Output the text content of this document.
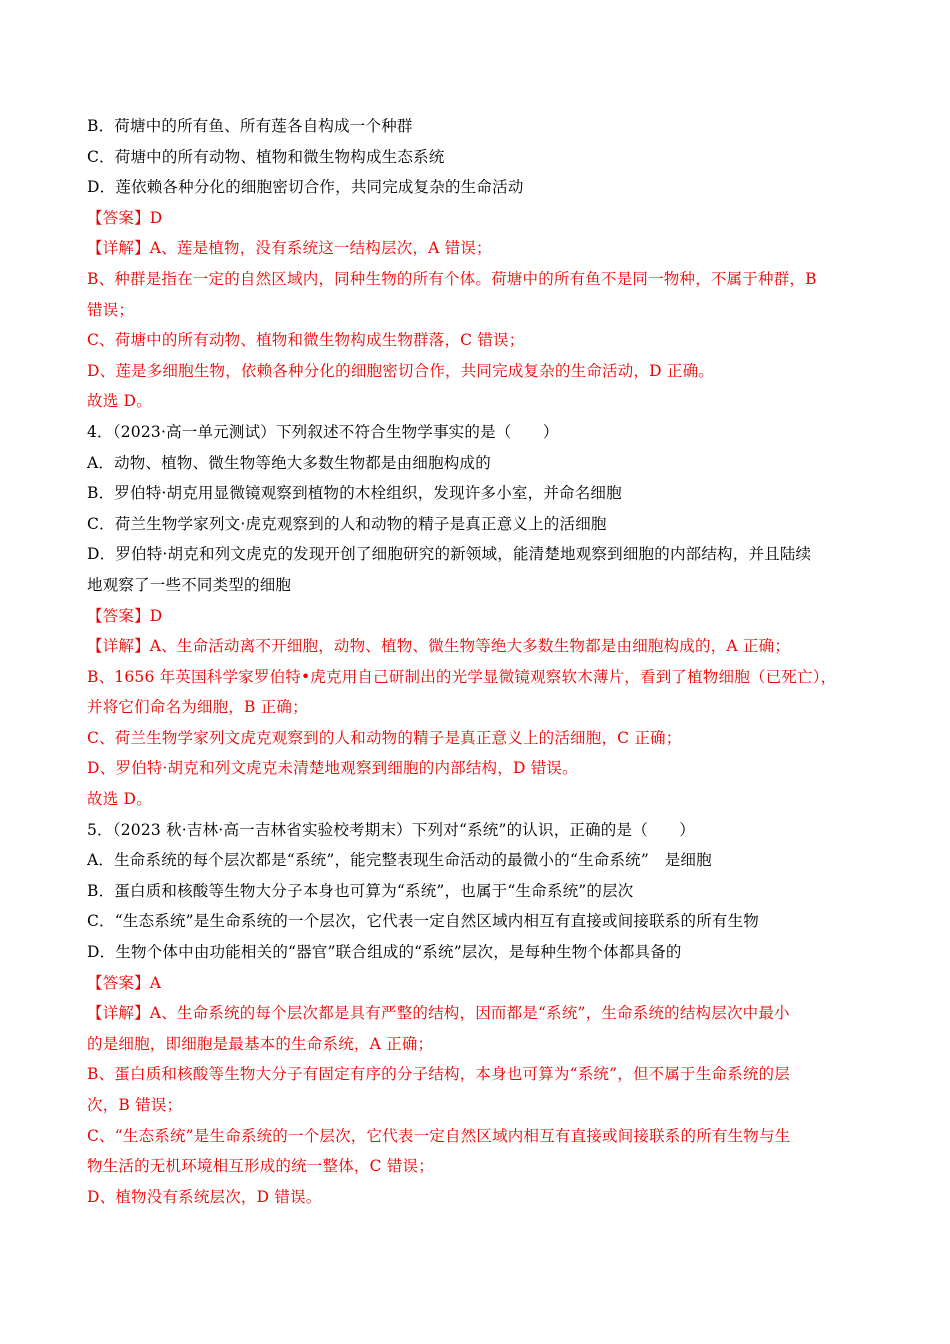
B．荷塘中的所有鱼、所有莲各自构成一个种群
C．荷塘中的所有动物、植物和微生物构成生态系统
D．莲依赖各种分化的细胞密切合作，共同完成复杂的生命活动
【答案】D
【详解】A、莲是植物，没有系统这一结构层次，A 错误；
B、种群是指在一定的自然区域内，同种生物的所有个体。荷塘中的所有鱼不是同一物种，不属于种群，B
错误；
C、荷塘中的所有动物、植物和微生物构成生物群落，C 错误；
D、莲是多细胞生物，依赖各种分化的细胞密切合作，共同完成复杂的生命活动，D 正确。
故选 D。
4．（2023·高一单元测试）下列叙述不符合生物学事实的是（　　）
A．动物、植物、微生物等绝大多数生物都是由细胞构成的
B．罗伯特·胡克用显微镜观察到植物的木栓组织，发现许多小室，并命名细胞
C．荷兰生物学家列文·虎克观察到的人和动物的精子是真正意义上的活细胞
D．罗伯特·胡克和列文虎克的发现开创了细胞研究的新领域，能清楚地观察到细胞的内部结构，并且陆续
地观察了一些不同类型的细胞
【答案】D
【详解】A、生命活动离不开细胞，动物、植物、微生物等绝大多数生物都是由细胞构成的，A 正确；
B、1656 年英国科学家罗伯特•虎克用自己研制出的光学显微镜观察软木薄片，看到了植物细胞（已死亡），
并将它们命名为细胞，B 正确；
C、荷兰生物学家列文虎克观察到的人和动物的精子是真正意义上的活细胞，C 正确；
D、罗伯特·胡克和列文虎克未清楚地观察到细胞的内部结构，D 错误。
故选 D。
5．（2023 秋·吉林·高一吉林省实验校考期末）下列对“系统”的认识，正确的是（　　）
A．生命系统的每个层次都是“系统”，能完整表现生命活动的最微小的“生命系统”　是细胞
B．蛋白质和核酸等生物大分子本身也可算为“系统”，也属于“生命系统”的层次
C．“生态系统”是生命系统的一个层次，它代表一定自然区域内相互有直接或间接联系的所有生物
D．生物个体中由功能相关的“器官”联合组成的“系统”层次，是每种生物个体都具备的
【答案】A
【详解】A、生命系统的每个层次都是具有严整的结构，因而都是“系统”，生命系统的结构层次中最小
的是细胞，即细胞是最基本的生命系统，A 正确；
B、蛋白质和核酸等生物大分子有固定有序的分子结构，本身也可算为“系统”，但不属于生命系统的层
次，B 错误；
C、“生态系统”是生命系统的一个层次，它代表一定自然区域内相互有直接或间接联系的所有生物与生
物生活的无机环境相互形成的统一整体，C 错误；
D、植物没有系统层次，D 错误。
